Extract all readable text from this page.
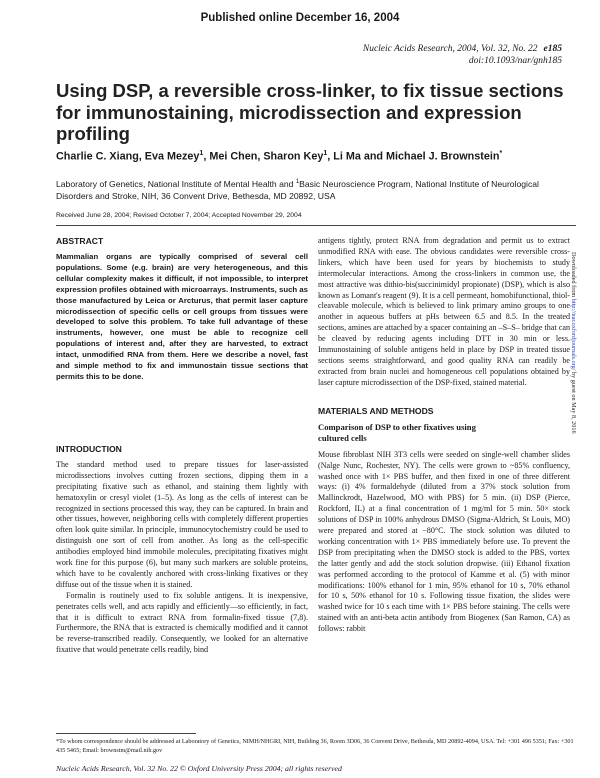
Published online December 16, 2004
Nucleic Acids Research, 2004, Vol. 32, No. 22 e185
doi:10.1093/nar/gnh185
Using DSP, a reversible cross-linker, to fix tissue sections for immunostaining, microdissection and expression profiling
Charlie C. Xiang, Eva Mezey$^1$, Mei Chen, Sharon Key$^1$, Li Ma and Michael J. Brownstein*
Laboratory of Genetics, National Institute of Mental Health and $^1$Basic Neuroscience Program, National Institute of Neurological Disorders and Stroke, NIH, 36 Convent Drive, Bethesda, MD 20892, USA
Received June 28, 2004; Revised October 7, 2004; Accepted November 29, 2004
ABSTRACT

Mammalian organs are typically comprised of several cell populations. Some (e.g. brain) are very heterogeneous, and this cellular complexity makes it difficult, if not impossible, to interpret expression profiles obtained with microarrays. Instruments, such as those manufactured by Leica or Arcturus, that permit laser capture microdissection of specific cells or cell groups from tissues were developed to solve this problem. To take full advantage of these instruments, however, one must be able to recognize cell populations of interest and, after they are harvested, to extract intact, unmodified RNA from them. Here we describe a novel, fast and simple method to fix and immunostain tissue sections that permits this to be done.

INTRODUCTION

The standard method used to prepare tissues for laser-assisted microdissections involves cutting frozen sections, dipping them in a precipitating fixative such as ethanol, and staining them lightly with hematoxylin or cresyl violet (1–5). As long as the cells of interest can be recognized in sections processed this way, they can be captured. In brain and other tissues, however, neighboring cells with completely different properties often look quite similar. In principle, immunocytochemistry could be used to distinguish one sort of cell from another. As long as the cell-specific antibodies employed bind immobile molecules, precipitating fixatives might work fine for this purpose (6), but many such markers are soluble proteins, which have to be covalently anchored with cross-linking fixatives or they diffuse out of the tissue when it is stained.

Formalin is routinely used to fix soluble antigens. It is inexpensive, penetrates cells well, and acts rapidly and efficiently—so efficiently, in fact, that it is difficult to extract RNA from formalin-fixed tissue (7,8). Furthermore, the RNA that is extracted is chemically modified and it cannot be reverse-transcribed readily. Consequently, we looked for an alternative fixative that would penetrate cells readily, bind

antigens tightly, protect RNA from degradation and permit us to extract unmodified RNA with ease. The obvious candidates were reversible cross-linkers, which have been used for years by biochemists to study intermolecular interactions. Among the cross-linkers in common use, the most attractive was dithio-bis(succinimidyl propionate) (DSP), which is also known as Lomant's reagent (9). It is a cell permeant, homobifunctional, thiol-cleavable molecule, which is believed to link primary amino groups to one another in aqueous buffers at pHs between 6.5 and 8.5. In the treated sections, amines are attached by a spacer containing an –S–S– bridge that can be cleaved by reducing agents including DTT in 30 min or less. Immunostaining of soluble antigens held in place by DSP in treated tissue sections seems straightforward, and good quality RNA can readily be extracted from brain nuclei and homogeneous cell populations obtained by laser capture microdissection of the DSP-fixed, stained material.

MATERIALS AND METHODS
Comparison of DSP to other fixatives using cultured cells

Mouse fibroblast NIH 3T3 cells were seeded on single-well chamber slides (Nalge Nunc, Rochester, NY). The cells were grown to ~85% confluency, washed once with 1× PBS buffer, and then fixed in one of three different ways: (i) 4% formaldehyde (diluted from a 37% stock solution from Mallinckrodt, Hazelwood, MO with PBS) for 5 min. (ii) DSP (Pierce, Rockford, IL) at a final concentration of 1 mg/ml for 5 min. 50× stock solutions of DSP in 100% anhydrous DMSO (Sigma-Aldrich, St Louis, MO) were prepared and stored at −80°C. The stock solution was diluted to working concentration with 1× PBS immediately before use. To prevent the DSP from precipitating when the DMSO stock is added to the PBS, vortex the latter gently and add the stock solution dropwise. (iii) Ethanol fixation was performed according to the protocol of Kamme et al. (5) with minor modifications: 100% ethanol for 1 min, 95% ethanol for 10 s, 70% ethanol for 10 s, 50% ethanol for 10 s. Following tissue fixation, the slides were washed twice for 10 s each time with 1× PBS before staining. The cells were stained with an anti-beta actin antibody from Biogenex (San Ramon, CA) as follows: rabbit

*To whom correspondence should be addressed at Laboratory of Genetics, NIMH/NHGRI, NIH, Building 36, Room 3D06, 36 Convent Drive, Bethesda, MD 20892-4094, USA. Tel: +301 496 5351; Fax: +301 435 5465; Email: brownstm@mail.nih.gov
Nucleic Acids Research, Vol. 32 No. 22 © Oxford University Press 2004; all rights reserved
Downloaded from http://nar.oxfordjournals.org/ by guest on May 8, 2016
